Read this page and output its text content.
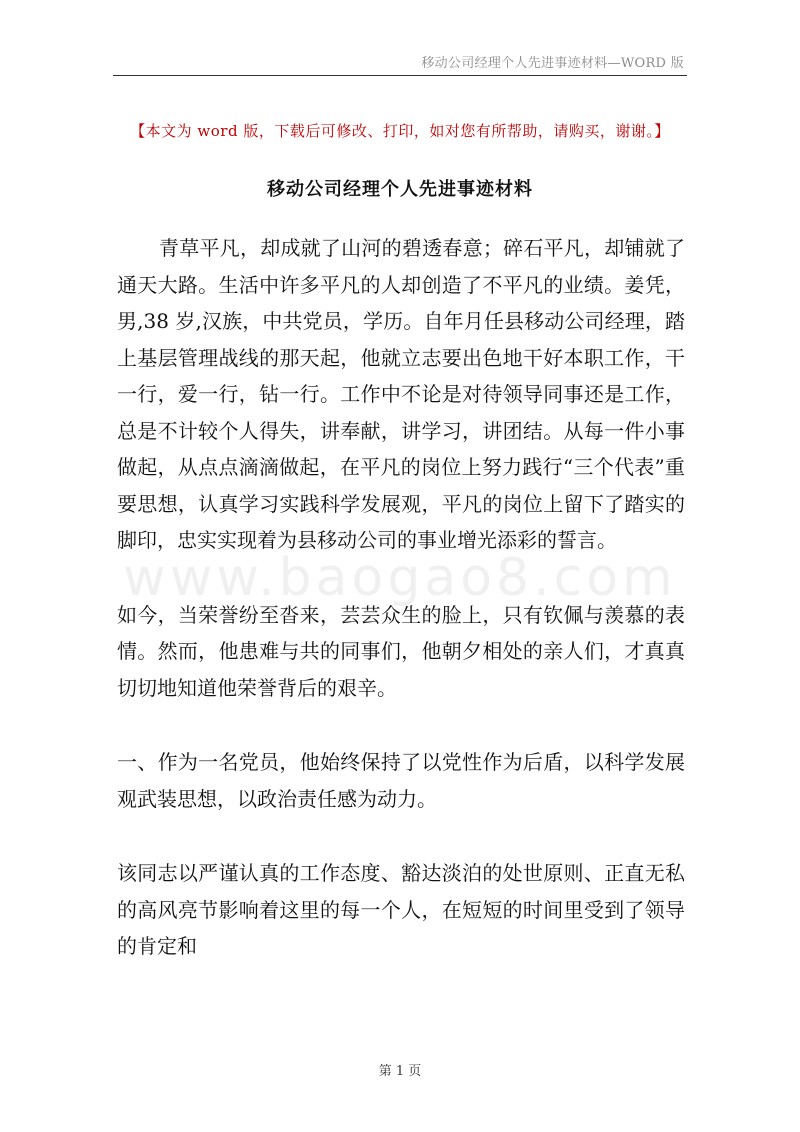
移动公司经理个人先进事迹材料—WORD 版
【本文为 word 版，下载后可修改、打印，如对您有所帮助，请购买，谢谢。】
移动公司经理个人先进事迹材料

青草平凡，却成就了山河的碧透春意；碎石平凡，却铺就了通天大路。生活中许多平凡的人却创造了不平凡的业绩。姜凭，男,38 岁,汉族，中共党员，学历。自年月任县移动公司经理，踏上基层管理战线的那天起，他就立志要出色地干好本职工作，干一行，爱一行，钻一行。工作中不论是对待领导同事还是工作，总是不计较个人得失，讲奉献，讲学习，讲团结。从每一件小事做起，从点点滴滴做起，在平凡的岗位上努力践行“三个代表”重要思想，认真学习实践科学发展观，平凡的岗位上留下了踏实的脚印，忠实实现着为县移动公司的事业增光添彩的誓言。

如今，当荣誉纷至沓来，芸芸众生的脸上，只有钦佩与羡慕的表情。然而，他患难与共的同事们，他朝夕相处的亲人们，才真真切切地知道他荣誉背后的艰辛。

一、作为一名党员，他始终保持了以党性作为后盾，以科学发展观武装思想，以政治责任感为动力。

该同志以严谨认真的工作态度、豁达淡泊的处世原则、正直无私的高风亮节影响着这里的每一个人，在短短的时间里受到了领导的肯定和

www.baogao8.com
第 1 页
